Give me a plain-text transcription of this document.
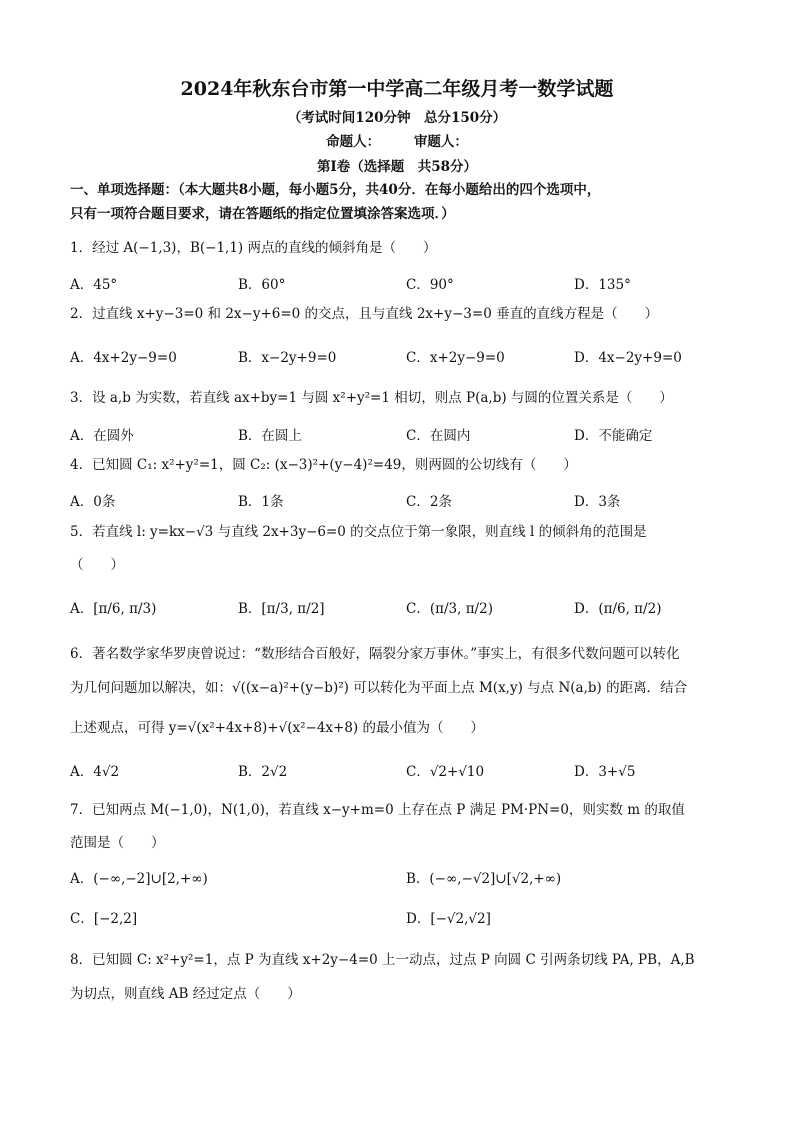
2024年秋东台市第一中学高二年级月考一数学试题
（考试时间120分钟　总分150分）
命题人：　　　审题人：
第Ⅰ卷（选择题　共58分）
一、单项选择题：（本大题共8小题，每小题5分，共40分．在每小题给出的四个选项中，
只有一项符合题目要求，请在答题纸的指定位置填涂答案选项．）
1．经过 A(−1,3)，B(−1,1) 两点的直线的倾斜角是（　　）
A．45°	B．60°	C．90°	D．135°
2．过直线 x+y−3=0 和 2x−y+6=0 的交点，且与直线 2x+y−3=0 垂直的直线方程是（　　）
A．4x+2y−9=0	B．x−2y+9=0	C．x+2y−9=0	D．4x−2y+9=0
3．设 a,b 为实数，若直线 ax+by=1 与圆 x²+y²=1 相切，则点 P(a,b) 与圆的位置关系是（　　）
A．在圆外	B．在圆上	C．在圆内	D．不能确定
4．已知圆 C₁: x²+y²=1，圆 C₂: (x−3)²+(y−4)²=49，则两圆的公切线有（　　）
A．0条	B．1条	C．2条	D．3条
5．若直线 l: y=kx−√3 与直线 2x+3y−6=0 的交点位于第一象限，则直线 l 的倾斜角的范围是
（　　）
A．[π/6, π/3)	B．[π/3, π/2]	C．(π/3, π/2)	D．(π/6, π/2)
6．著名数学家华罗庚曾说过：“数形结合百般好，隔裂分家万事休。”事实上，有很多代数问题可以转化
为几何问题加以解决，如：√((x−a)²+(y−b)²) 可以转化为平面上点 M(x,y) 与点 N(a,b) 的距离．结合
上述观点，可得 y=√(x²+4x+8)+√(x²−4x+8) 的最小值为（　　）
A．4√2	B．2√2	C．√2+√10	D．3+√5
7．已知两点 M(−1,0)，N(1,0)，若直线 x−y+m=0 上存在点 P 满足 PM·PN=0，则实数 m 的取值
范围是（　　）
A．(−∞,−2]∪[2,+∞)	B．(−∞,−√2]∪[√2,+∞)
C．[−2,2]	D．[−√2,√2]
8．已知圆 C: x²+y²=1，点 P 为直线 x+2y−4=0 上一动点，过点 P 向圆 C 引两条切线 PA, PB，A,B
为切点，则直线 AB 经过定点（　　）
